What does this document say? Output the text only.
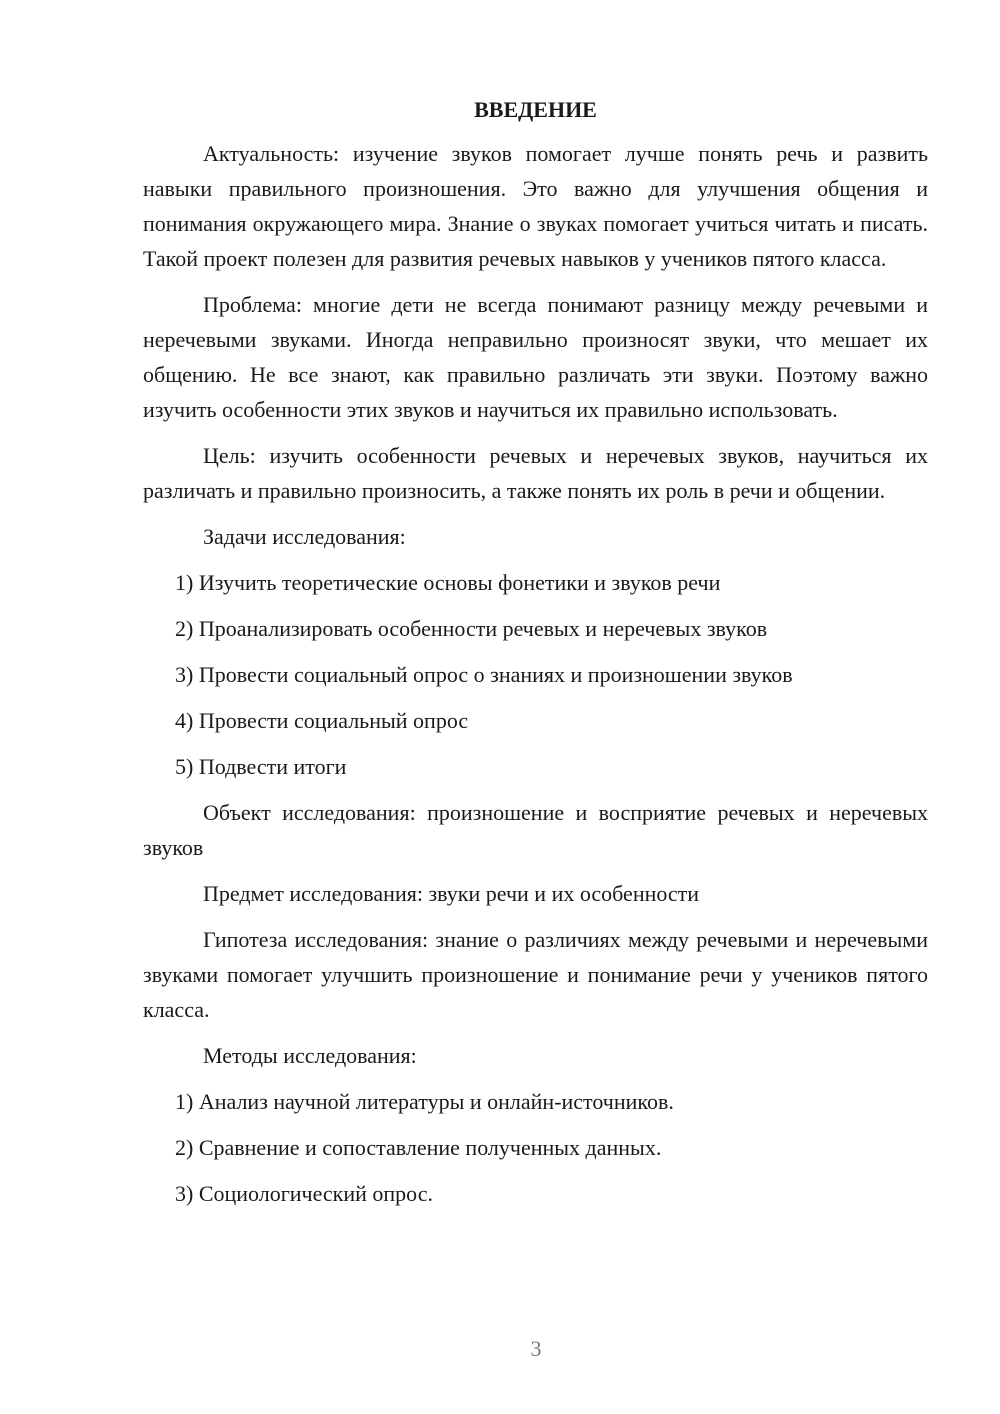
ВВЕДЕНИЕ

Актуальность: изучение звуков помогает лучше понять речь и развить навыки правильного произношения. Это важно для улучшения общения и понимания окружающего мира. Знание о звуках помогает учиться читать и писать. Такой проект полезен для развития речевых навыков у учеников пятого класса.

Проблема: многие дети не всегда понимают разницу между речевыми и неречевыми звуками. Иногда неправильно произносят звуки, что мешает их общению. Не все знают, как правильно различать эти звуки. Поэтому важно изучить особенности этих звуков и научиться их правильно использовать.

Цель: изучить особенности речевых и неречевых звуков, научиться их различать и правильно произносить, а также понять их роль в речи и общении.

Задачи исследования:

1) Изучить теоретические основы фонетики и звуков речи
2) Проанализировать особенности речевых и неречевых звуков
3) Провести социальный опрос о знаниях и произношении звуков
4) Провести социальный опрос
5) Подвести итоги

Объект исследования: произношение и восприятие речевых и неречевых звуков

Предмет исследования: звуки речи и их особенности

Гипотеза исследования: знание о различиях между речевыми и неречевыми звуками помогает улучшить произношение и понимание речи у учеников пятого класса.

Методы исследования:

1) Анализ научной литературы и онлайн-источников.
2) Сравнение и сопоставление полученных данных.
3) Социологический опрос.
3
